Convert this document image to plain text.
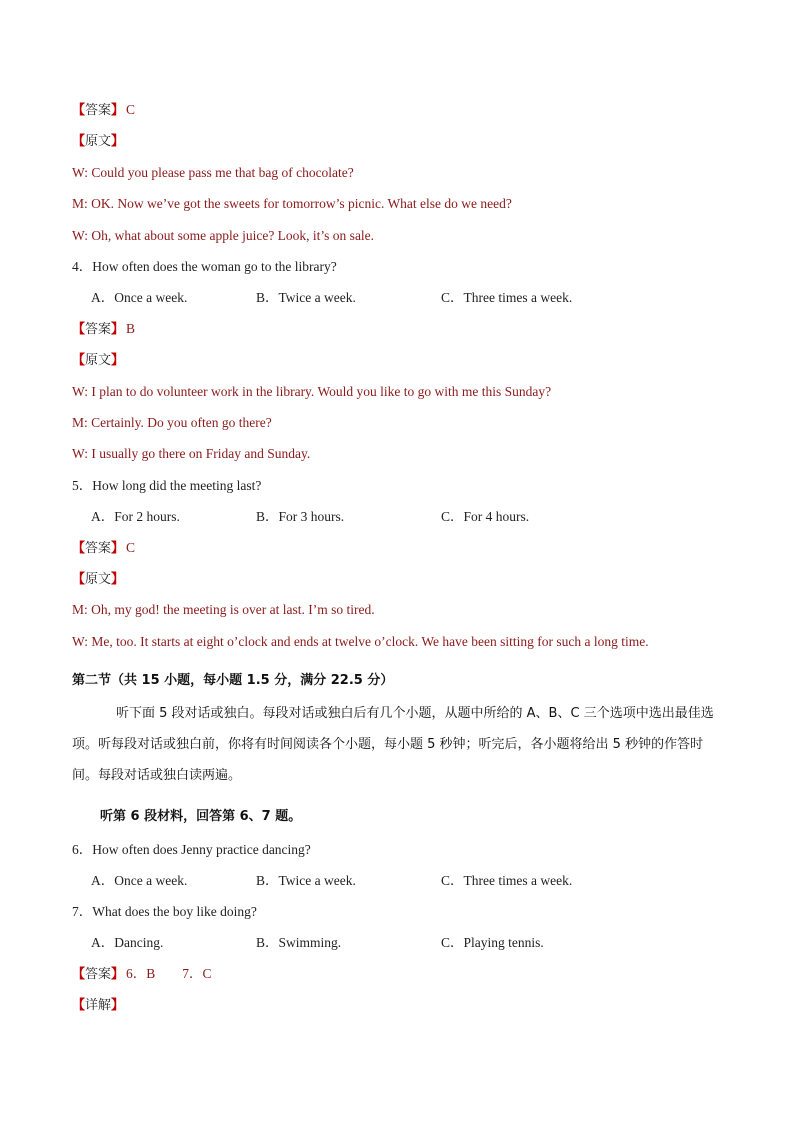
【答案】 C
【原文】
W: Could you please pass me that bag of chocolate?
M: OK. Now we’ve got the sweets for tomorrow’s picnic. What else do we need?
W: Oh, what about some apple juice? Look, it’s on sale.
4．How often does the woman go to the library?
A．Once a week.	B．Twice a week.	C．Three times a week.
【答案】 B
【原文】
W: I plan to do volunteer work in the library. Would you like to go with me this Sunday?
M: Certainly. Do you often go there?
W: I usually go there on Friday and Sunday.
5．How long did the meeting last?
A．For 2 hours.	B．For 3 hours.	C．For 4 hours.
【答案】 C
【原文】
M: Oh, my god! the meeting is over at last. I’m so tired.
W: Me, too. It starts at eight o’clock and ends at twelve o’clock. We have been sitting for such a long time.
第二节（共 15 小题，每小题 1.5 分，满分 22.5 分）
听下面 5 段对话或独白。每段对话或独白后有几个小题，从题中所给的 A、B、C 三个选项中选出最佳选项。听每段对话或独白前，你将有时间阅读各个小题，每小题 5 秒钟；听完后，各小题将给出 5 秒钟的作答时间。每段对话或独白读两遍。
听第 6 段材料，回答第 6、7 题。
6．How often does Jenny practice dancing?
A．Once a week.	B．Twice a week.	C．Three times a week.
7．What does the boy like doing?
A．Dancing.	B．Swimming.	C．Playing tennis.
【答案】 6．B　　7．C
【详解】
